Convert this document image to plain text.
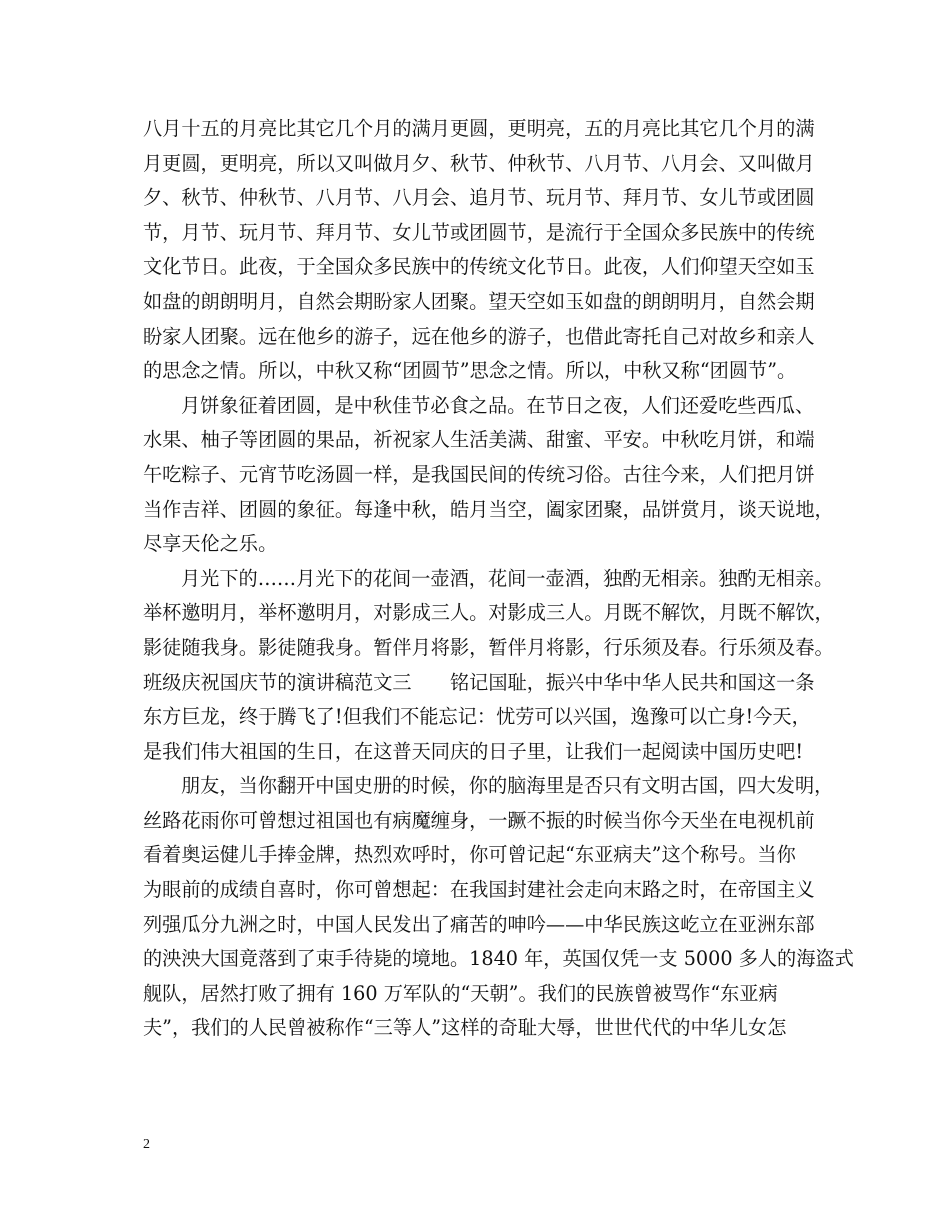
八月十五的月亮比其它几个月的满月更圆，更明亮，五的月亮比其它几个月的满
月更圆，更明亮，所以又叫做月夕、秋节、仲秋节、八月节、八月会、又叫做月
夕、秋节、仲秋节、八月节、八月会、追月节、玩月节、拜月节、女儿节或团圆
节，月节、玩月节、拜月节、女儿节或团圆节，是流行于全国众多民族中的传统
文化节日。此夜，于全国众多民族中的传统文化节日。此夜，人们仰望天空如玉
如盘的朗朗明月，自然会期盼家人团聚。望天空如玉如盘的朗朗明月，自然会期
盼家人团聚。远在他乡的游子，远在他乡的游子，也借此寄托自己对故乡和亲人
的思念之情。所以，中秋又称“团圆节”思念之情。所以，中秋又称“团圆节”。
月饼象征着团圆，是中秋佳节必食之品。在节日之夜，人们还爱吃些西瓜、
水果、柚子等团圆的果品，祈祝家人生活美满、甜蜜、平安。中秋吃月饼，和端
午吃粽子、元宵节吃汤圆一样，是我国民间的传统习俗。古往今来，人们把月饼
当作吉祥、团圆的象征。每逢中秋，皓月当空，阖家团聚，品饼赏月，谈天说地，
尽享天伦之乐。
月光下的……月光下的花间一壶酒，花间一壶酒，独酌无相亲。独酌无相亲。
举杯邀明月，举杯邀明月，对影成三人。对影成三人。月既不解饮，月既不解饮，
影徒随我身。影徒随我身。暂伴月将影，暂伴月将影，行乐须及春。行乐须及春。
班级庆祝国庆节的演讲稿范文三　　铭记国耻，振兴中华中华人民共和国这一条
东方巨龙，终于腾飞了!但我们不能忘记：忧劳可以兴国，逸豫可以亡身!今天，
是我们伟大祖国的生日，在这普天同庆的日子里，让我们一起阅读中国历史吧!
朋友，当你翻开中国史册的时候，你的脑海里是否只有文明古国，四大发明，
丝路花雨你可曾想过祖国也有病魔缠身，一蹶不振的时候当你今天坐在电视机前
看着奥运健儿手捧金牌，热烈欢呼时，你可曾记起“东亚病夫”这个称号。当你
为眼前的成绩自喜时，你可曾想起：在我国封建社会走向末路之时，在帝国主义
列强瓜分九洲之时，中国人民发出了痛苦的呻吟——中华民族这屹立在亚洲东部
的泱泱大国竟落到了束手待毙的境地。1840 年，英国仅凭一支 5000 多人的海盗式
舰队，居然打败了拥有 160 万军队的“天朝”。我们的民族曾被骂作“东亚病
夫”，我们的人民曾被称作“三等人”这样的奇耻大辱，世世代代的中华儿女怎
2
